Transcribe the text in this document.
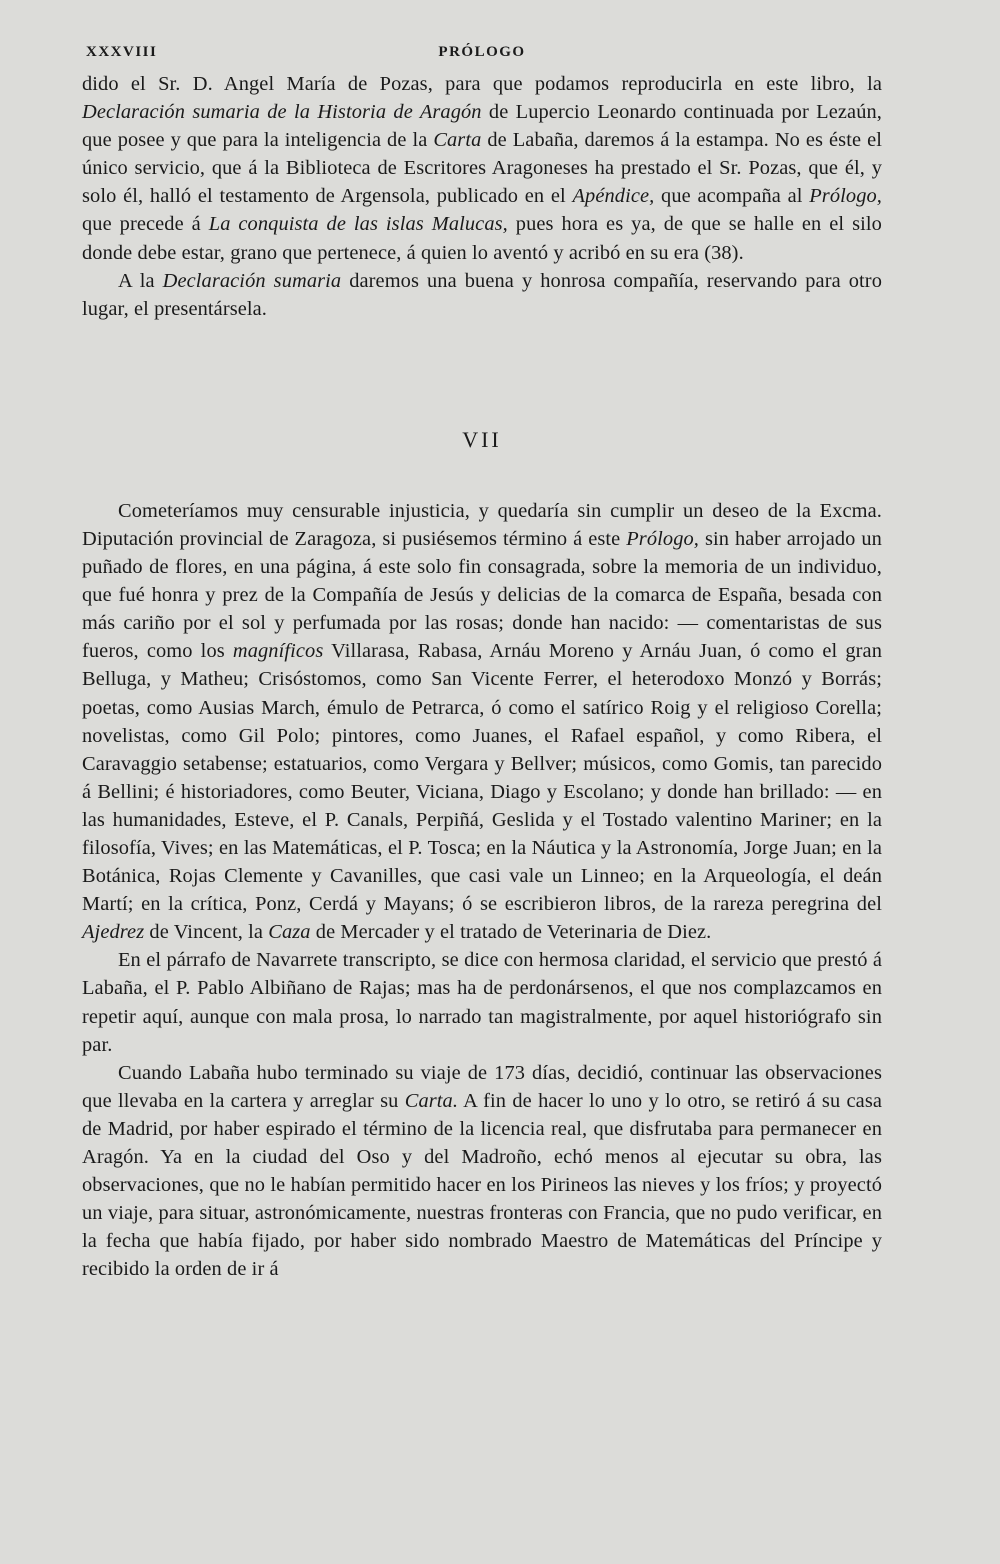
XXXVIII	PRÓLOGO

dido el Sr. D. Angel María de Pozas, para que podamos reproducirla en este libro, la Declaración sumaria de la Historia de Aragón de Lupercio Leonardo continuada por Lezaún, que posee y que para la inteligencia de la Carta de Labaña, daremos á la estampa. No es éste el único servicio, que á la Biblioteca de Escritores Aragoneses ha prestado el Sr. Pozas, que él, y solo él, halló el testamento de Argensola, publicado en el Apéndice, que acompaña al Prólogo, que precede á La conquista de las islas Malucas, pues hora es ya, de que se halle en el silo donde debe estar, grano que pertenece, á quien lo aventó y acribó en su era (38).

A la Declaración sumaria daremos una buena y honrosa compañía, reservando para otro lugar, el presentársela.

VII

Cometeríamos muy censurable injusticia, y quedaría sin cumplir un deseo de la Excma. Diputación provincial de Zaragoza, si pusiésemos término á este Prólogo, sin haber arrojado un puñado de flores, en una página, á este solo fin consagrada, sobre la memoria de un individuo, que fué honra y prez de la Compañía de Jesús y delicias de la comarca de España, besada con más cariño por el sol y perfumada por las rosas; donde han nacido: — comentaristas de sus fueros, como los magníficos Villarasa, Rabasa, Arnáu Moreno y Arnáu Juan, ó como el gran Belluga, y Matheu; Crisóstomos, como San Vicente Ferrer, el heterodoxo Monzó y Borrás; poetas, como Ausias March, émulo de Petrarca, ó como el satírico Roig y el religioso Corella; novelistas, como Gil Polo; pintores, como Juanes, el Rafael español, y como Ribera, el Caravaggio setabense; estatuarios, como Vergara y Bellver; músicos, como Gomis, tan parecido á Bellini; é historiadores, como Beuter, Viciana, Diago y Escolano; y donde han brillado: — en las humanidades, Esteve, el P. Canals, Perpiñá, Geslida y el Tostado valentino Mariner; en la filosofía, Vives; en las Matemáticas, el P. Tosca; en la Náutica y la Astronomía, Jorge Juan; en la Botánica, Rojas Clemente y Cavanilles, que casi vale un Linneo; en la Arqueología, el deán Martí; en la crítica, Ponz, Cerdá y Mayans; ó se escribieron libros, de la rareza peregrina del Ajedrez de Vincent, la Caza de Mercader y el tratado de Veterinaria de Diez.

En el párrafo de Navarrete transcripto, se dice con hermosa claridad, el servicio que prestó á Labaña, el P. Pablo Albiñano de Rajas; mas ha de perdonársenos, el que nos complazcamos en repetir aquí, aunque con mala prosa, lo narrado tan magistralmente, por aquel historiógrafo sin par.

Cuando Labaña hubo terminado su viaje de 173 días, decidió, continuar las observaciones que llevaba en la cartera y arreglar su Carta. A fin de hacer lo uno y lo otro, se retiró á su casa de Madrid, por haber espirado el término de la licencia real, que disfrutaba para permanecer en Aragón. Ya en la ciudad del Oso y del Madroño, echó menos al ejecutar su obra, las observaciones, que no le habían permitido hacer en los Pirineos las nieves y los fríos; y proyectó un viaje, para situar, astronómicamente, nuestras fronteras con Francia, que no pudo verificar, en la fecha que había fijado, por haber sido nombrado Maestro de Matemáticas del Príncipe y recibido la orden de ir á
